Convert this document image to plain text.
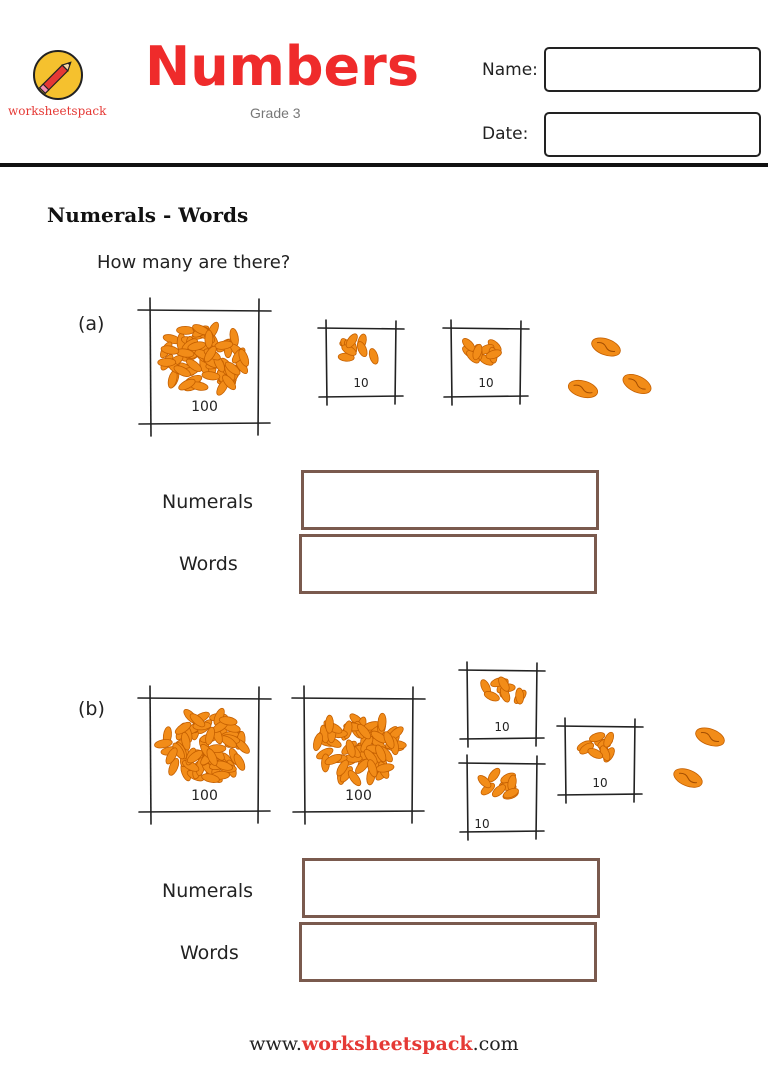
worksheetspack
Numbers
Grade 3
Name:
Date:
Numerals - Words
How many are there?
(a)
100
10	10
Numerals
Words
(b)
100	100
10
10
10
Numerals
Words
www.worksheetspack.com
